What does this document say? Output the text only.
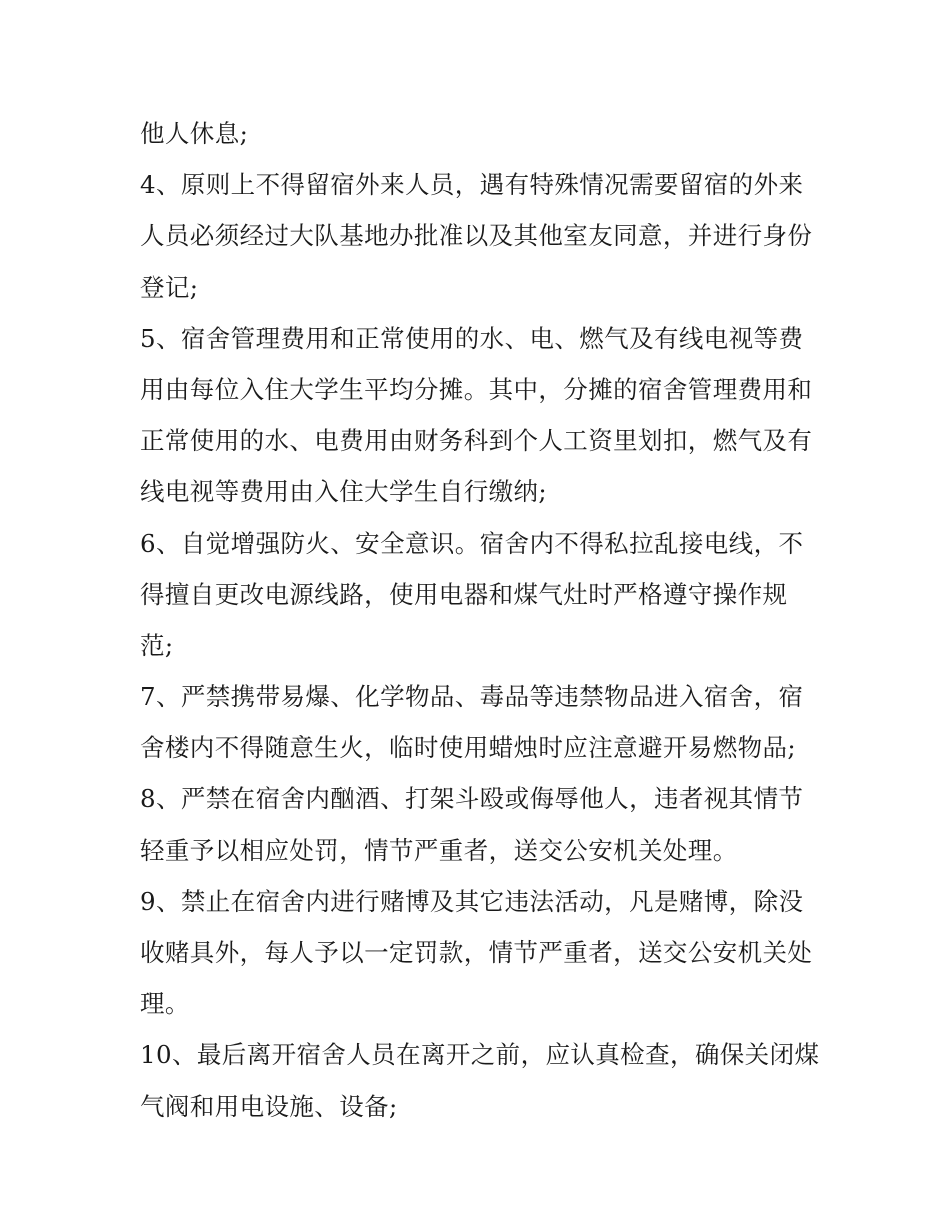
他人休息;
4、原则上不得留宿外来人员，遇有特殊情况需要留宿的外来
人员必须经过大队基地办批准以及其他室友同意，并进行身份
登记;
5、宿舍管理费用和正常使用的水、电、燃气及有线电视等费
用由每位入住大学生平均分摊。其中，分摊的宿舍管理费用和
正常使用的水、电费用由财务科到个人工资里划扣，燃气及有
线电视等费用由入住大学生自行缴纳;
6、自觉增强防火、安全意识。宿舍内不得私拉乱接电线，不
得擅自更改电源线路，使用电器和煤气灶时严格遵守操作规
范;
7、严禁携带易爆、化学物品、毒品等违禁物品进入宿舍，宿
舍楼内不得随意生火，临时使用蜡烛时应注意避开易燃物品;
8、严禁在宿舍内酗酒、打架斗殴或侮辱他人，违者视其情节
轻重予以相应处罚，情节严重者，送交公安机关处理。
9、禁止在宿舍内进行赌博及其它违法活动，凡是赌博，除没
收赌具外，每人予以一定罚款，情节严重者，送交公安机关处
理。
10、最后离开宿舍人员在离开之前，应认真检查，确保关闭煤
气阀和用电设施、设备;
